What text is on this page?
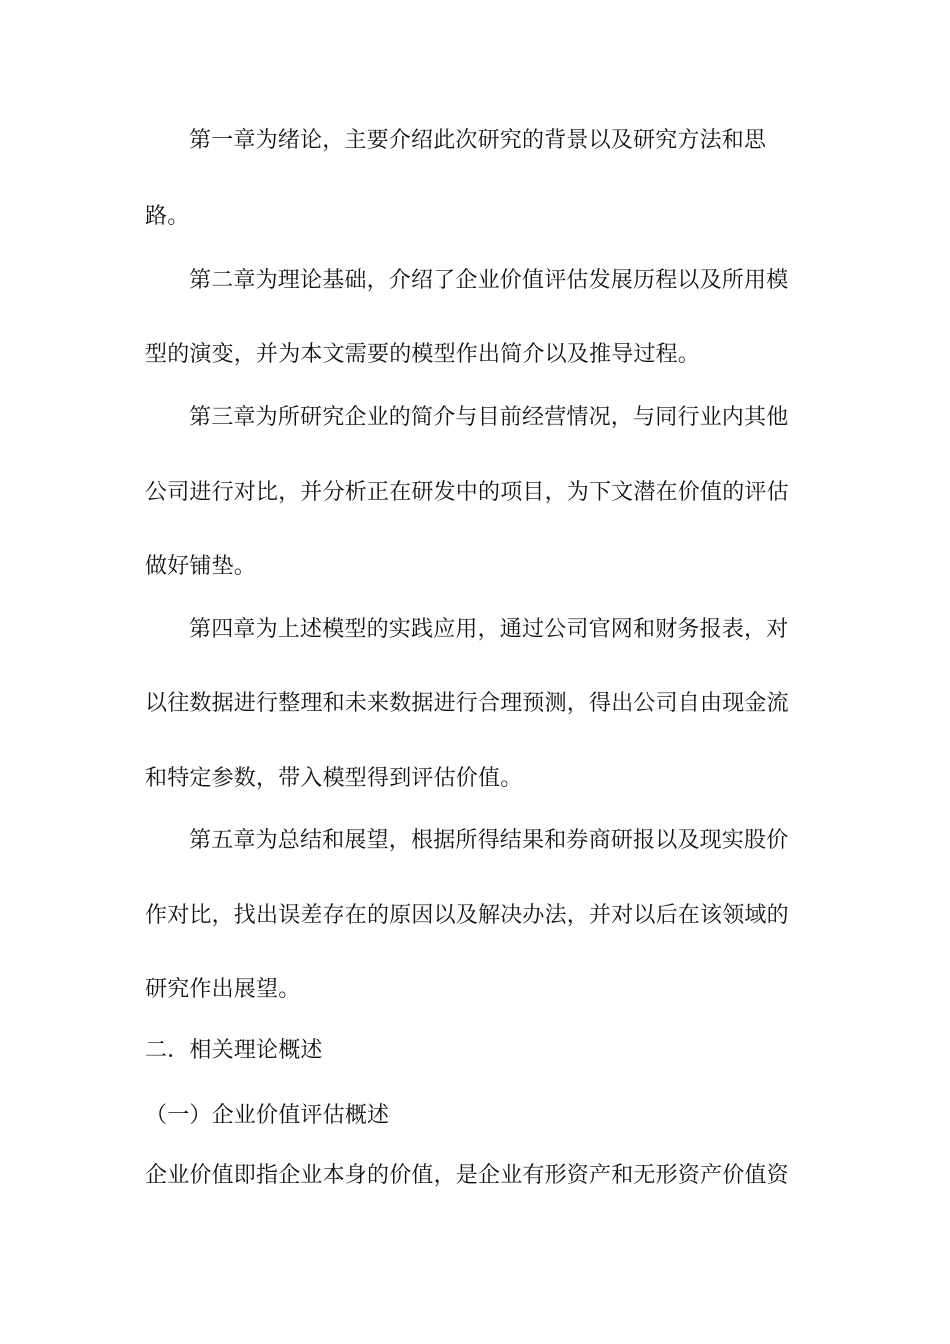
第一章为绪论，主要介绍此次研究的背景以及研究方法和思
路。
第二章为理论基础，介绍了企业价值评估发展历程以及所用模
型的演变，并为本文需要的模型作出简介以及推导过程。
第三章为所研究企业的简介与目前经营情况，与同行业内其他
公司进行对比，并分析正在研发中的项目，为下文潜在价值的评估
做好铺垫。
第四章为上述模型的实践应用，通过公司官网和财务报表，对
以往数据进行整理和未来数据进行合理预测，得出公司自由现金流
和特定参数，带入模型得到评估价值。
第五章为总结和展望，根据所得结果和券商研报以及现实股价
作对比，找出误差存在的原因以及解决办法，并对以后在该领域的
研究作出展望。
二．相关理论概述
（一）企业价值评估概述
企业价值即指企业本身的价值，是企业有形资产和无形资产价值资
